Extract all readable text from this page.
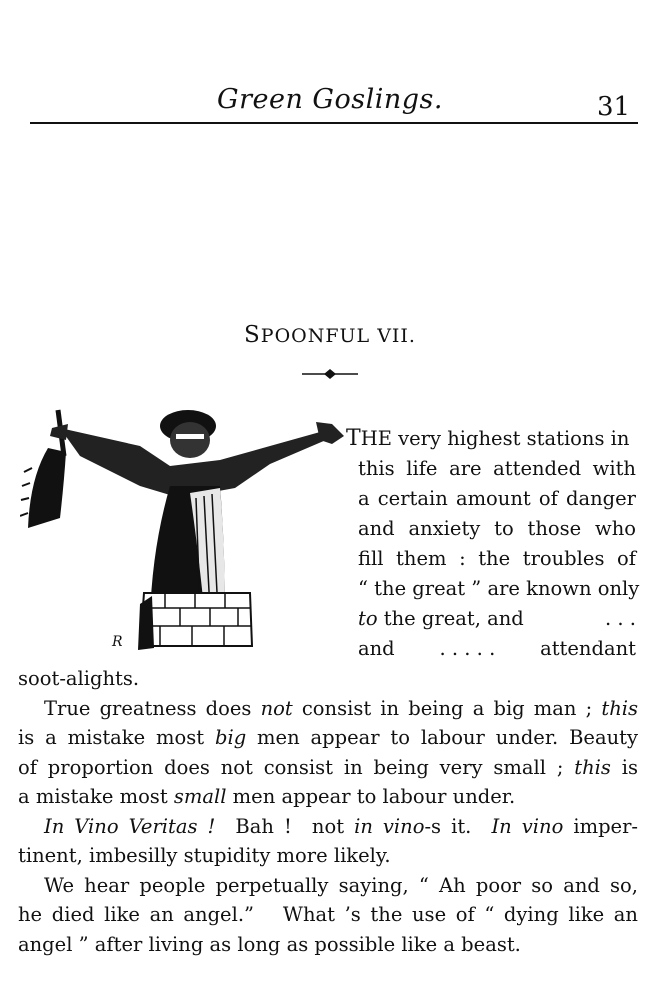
Green Goslings.	31
SPOONFUL VII.
R
THE very highest stations in
this life are attended with
a certain amount of danger
and anxiety to those who
fill them : the troubles of
“ the great ” are known only
to the great, and	. . .
and . . . . . attendant

soot-alights.

True greatness does not consist in being a big man ; this
is a mistake most big men appear to labour under. Beauty
of proportion does not consist in being very small ; this is
a mistake most small men appear to labour under.

In Vino Veritas !  Bah !  not in vino-s it.  In vino imper-
tinent, imbesilly stupidity more likely.

We hear people perpetually saying, “ Ah poor so and so,
he died like an angel.”   What ’s the use of “ dying like an
angel ” after living as long as possible like a beast.
